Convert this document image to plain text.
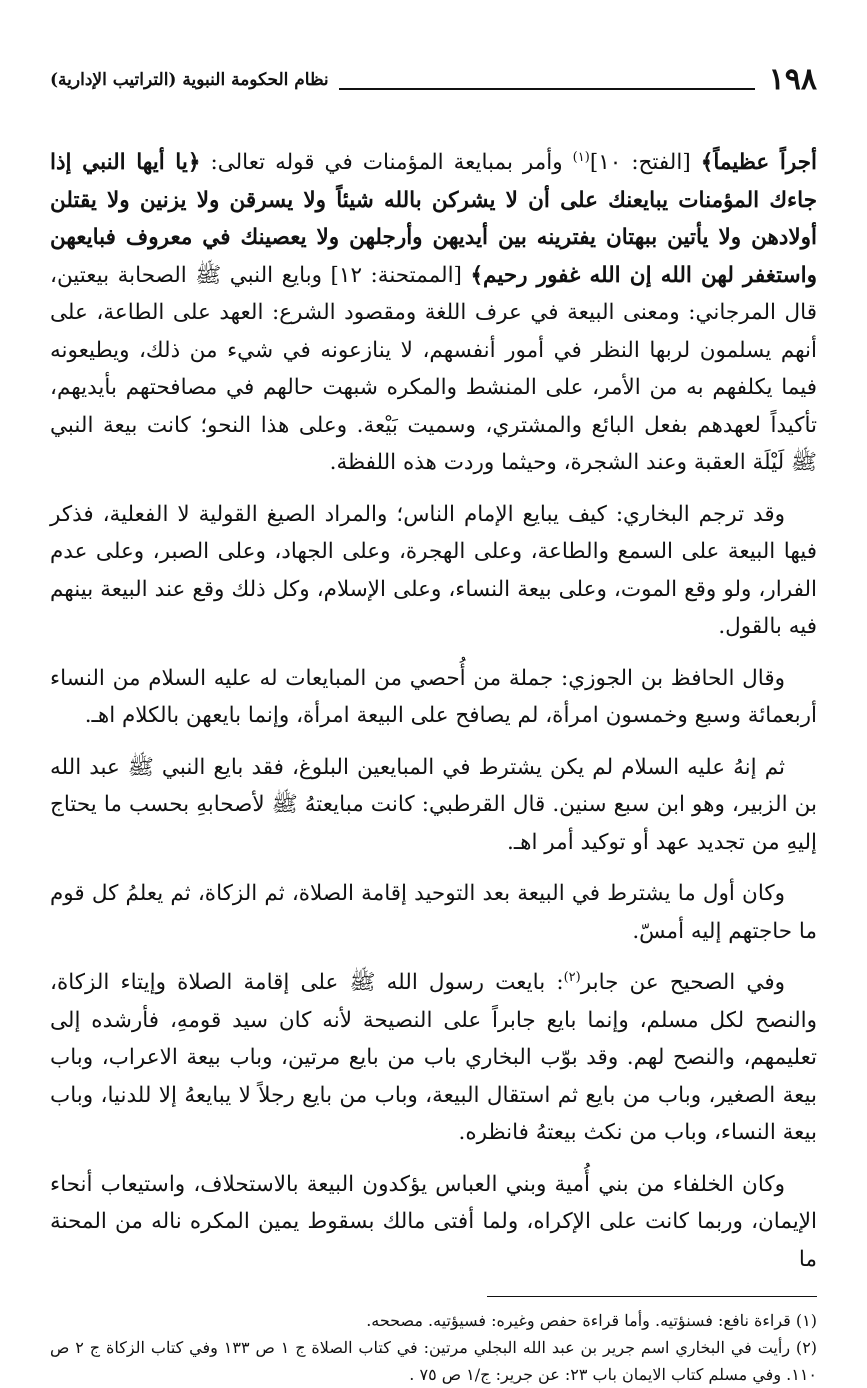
١٩٨
نظام الحكومة النبوية (التراتيب الإدارية)

أجراً عظيماً﴾ [الفتح: ١٠]$^{(١)}$ وأمر بمبايعة المؤمنات في قوله تعالى: ﴿يا أيها النبي إذا جاءك المؤمنات يبايعنك على أن لا يشركن بالله شيئاً ولا يسرقن ولا يزنين ولا يقتلن أولادهن ولا يأتين ببهتان يفترينه بين أيديهن وأرجلهن ولا يعصينك في معروف فبايعهن واستغفر لهن الله إن الله غفور رحيم﴾ [الممتحنة: ١٢] وبايع النبي ﷺ الصحابة بيعتين، قال المرجاني: ومعنى البيعة في عرف اللغة ومقصود الشرع: العهد على الطاعة، على أنهم يسلمون لربها النظر في أمور أنفسهم، لا ينازعونه في شيء من ذلك، ويطيعونه فيما يكلفهم به من الأمر، على المنشط والمكره شبهت حالهم في مصافحتهم بأيديهم، تأكيداً لعهدهم بفعل البائع والمشتري، وسميت بَيْعة. وعلى هذا النحو؛ كانت بيعة النبي ﷺ لَيْلَة العقبة وعند الشجرة، وحيثما وردت هذه اللفظة.

وقد ترجم البخاري: كيف يبايع الإمام الناس؛ والمراد الصيغ القولية لا الفعلية، فذكر فيها البيعة على السمع والطاعة، وعلى الهجرة، وعلى الجهاد، وعلى الصبر، وعلى عدم الفرار، ولو وقع الموت، وعلى بيعة النساء، وعلى الإسلام، وكل ذلك وقع عند البيعة بينهم فيه بالقول.

وقال الحافظ بن الجوزي: جملة من أُحصي من المبايعات له عليه السلام من النساء أربعمائة وسبع وخمسون امرأة، لم يصافح على البيعة امرأة، وإنما بايعهن بالكلام اهـ.

ثم إنهُ عليه السلام لم يكن يشترط في المبايعين البلوغ، فقد بايع النبي ﷺ عبد الله بن الزبير، وهو ابن سبع سنين. قال القرطبي: كانت مبايعتهُ ﷺ لأصحابهِ بحسب ما يحتاج إليهِ من تجديد عهد أو توكيد أمر اهـ.

وكان أول ما يشترط في البيعة بعد التوحيد إقامة الصلاة، ثم الزكاة، ثم يعلمُ كل قوم ما حاجتهم إليه أمسّ.

وفي الصحيح عن جابر$^{(٢)}$: بايعت رسول الله ﷺ على إقامة الصلاة وإيتاء الزكاة، والنصح لكل مسلم، وإنما بايع جابراً على النصيحة لأنه كان سيد قومهِ، فأرشده إلى تعليمهم، والنصح لهم. وقد بوّب البخاري باب من بايع مرتين، وباب بيعة الاعراب، وباب بيعة الصغير، وباب من بايع ثم استقال البيعة، وباب من بايع رجلاً لا يبايعهُ إلا للدنيا، وباب بيعة النساء، وباب من نكث بيعتهُ فانظره.

وكان الخلفاء من بني أُمية وبني العباس يؤكدون البيعة بالاستحلاف، واستيعاب أنحاء الإيمان، وربما كانت على الإكراه، ولما أفتى مالك بسقوط يمين المكره ناله من المحنة ما

(١) قراءة نافع: فسنؤتيه. وأما قراءة حفص وغيره: فسيؤتيه. مصححه.

(٢) رأيت في البخاري اسم جرير بن عبد الله البجلي مرتين: في كتاب الصلاة ج ١ ص ١٣٣ وفي كتاب الزكاة ج ٢ ص ١١٠. وفي مسلم كتاب الايمان باب ٢٣: عن جرير: ج/١ ص ٧٥ .
